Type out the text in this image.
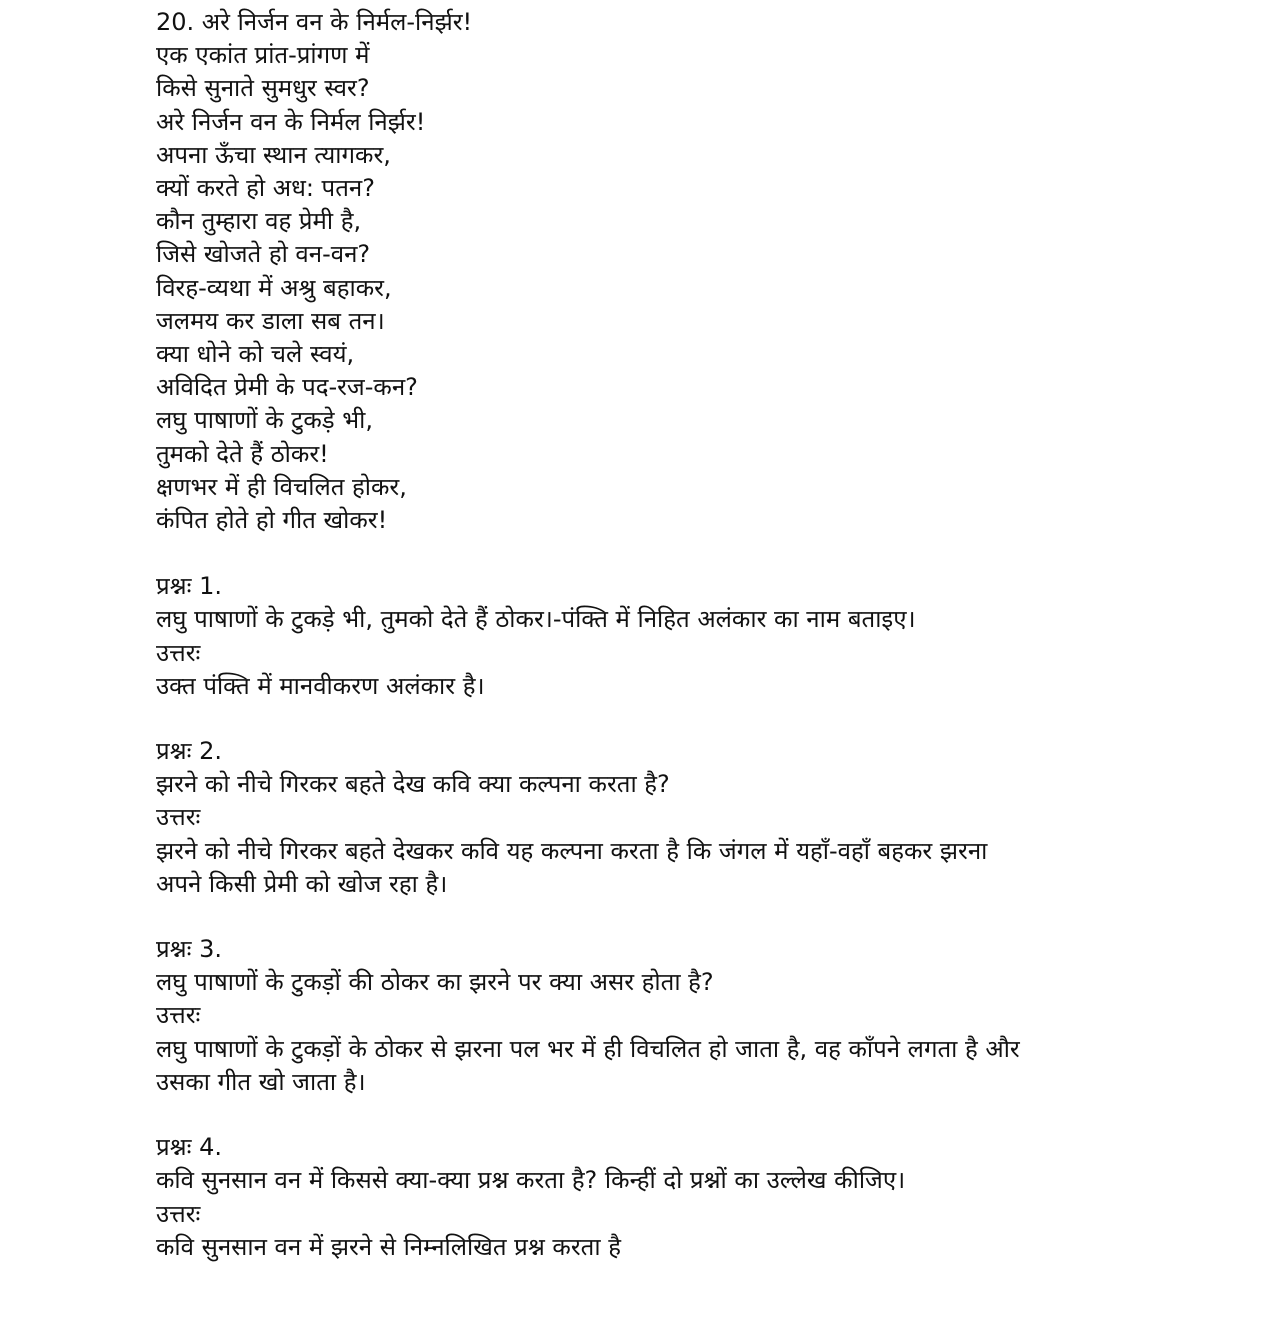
20. अरे निर्जन वन के निर्मल-निर्झर!
एक एकांत प्रांत-प्रांगण में
किसे सुनाते सुमधुर स्वर?
अरे निर्जन वन के निर्मल निर्झर!
अपना ऊँचा स्थान त्यागकर,
क्यों करते हो अध: पतन?
कौन तुम्हारा वह प्रेमी है,
जिसे खोजते हो वन-वन?
विरह-व्यथा में अश्रु बहाकर,
जलमय कर डाला सब तन।
क्या धोने को चले स्वयं,
अविदित प्रेमी के पद-रज-कन?
लघु पाषाणों के टुकड़े भी,
तुमको देते हैं ठोकर!
क्षणभर में ही विचलित होकर,
कंपित होते हो गीत खोकर!
प्रश्नः 1.
लघु पाषाणों के टुकड़े भी, तुमको देते हैं ठोकर।-पंक्ति में निहित अलंकार का नाम बताइए।
उत्तरः
उक्त पंक्ति में मानवीकरण अलंकार है।
प्रश्नः 2.
झरने को नीचे गिरकर बहते देख कवि क्या कल्पना करता है?
उत्तरः
झरने को नीचे गिरकर बहते देखकर कवि यह कल्पना करता है कि जंगल में यहाँ-वहाँ बहकर झरना
अपने किसी प्रेमी को खोज रहा है।
प्रश्नः 3.
लघु पाषाणों के टुकड़ों की ठोकर का झरने पर क्या असर होता है?
उत्तरः
लघु पाषाणों के टुकड़ों के ठोकर से झरना पल भर में ही विचलित हो जाता है, वह काँपने लगता है और
उसका गीत खो जाता है।
प्रश्नः 4.
कवि सुनसान वन में किससे क्या-क्या प्रश्न करता है? किन्हीं दो प्रश्नों का उल्लेख कीजिए।
उत्तरः
कवि सुनसान वन में झरने से निम्नलिखित प्रश्न करता है
